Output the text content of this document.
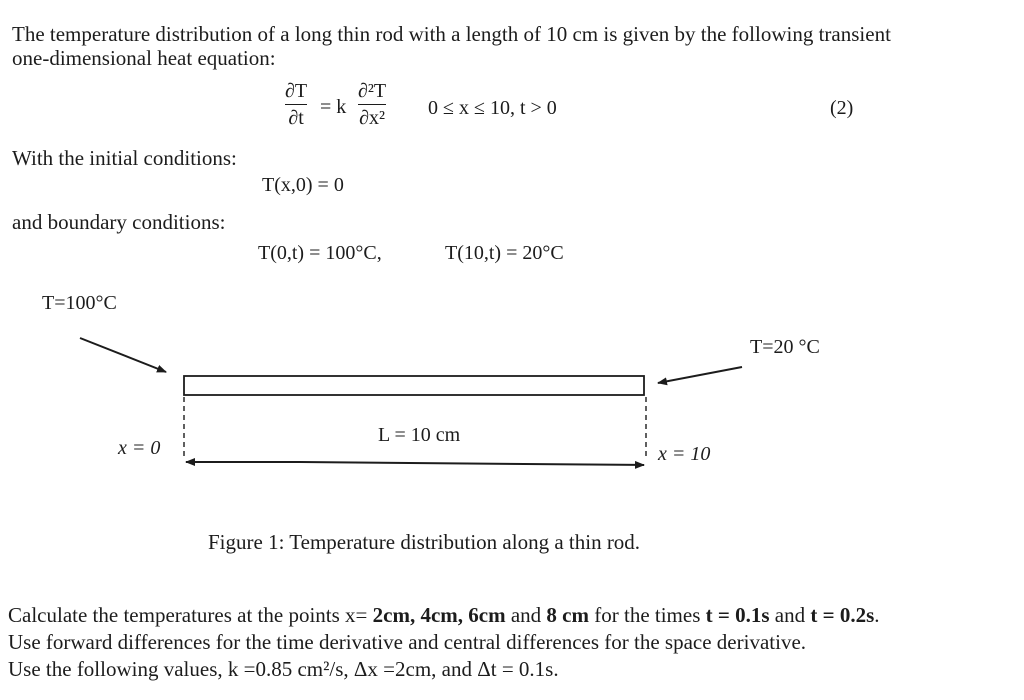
The temperature distribution of a long thin rod with a length of 10 cm is given by the following transient
one-dimensional heat equation:
∂T
∂t
= k
∂²T
∂x² 0 ≤ x ≤ 10, t > 0	(2)
With the initial conditions:
T(x,0) = 0
and boundary conditions:
T(0,t) = 100°C,	T(10,t) = 20°C
T=100°C
T=20 °C
L = 10 cm
x = 0	x = 10
Figure 1: Temperature distribution along a thin rod.
Calculate the temperatures at the points x= 2cm, 4cm, 6cm and 8 cm for the times t = 0.1s and t = 0.2s.
Use forward differences for the time derivative and central differences for the space derivative.
Use the following values, k =0.85 cm²/s, Δx =2cm, and Δt = 0.1s.
